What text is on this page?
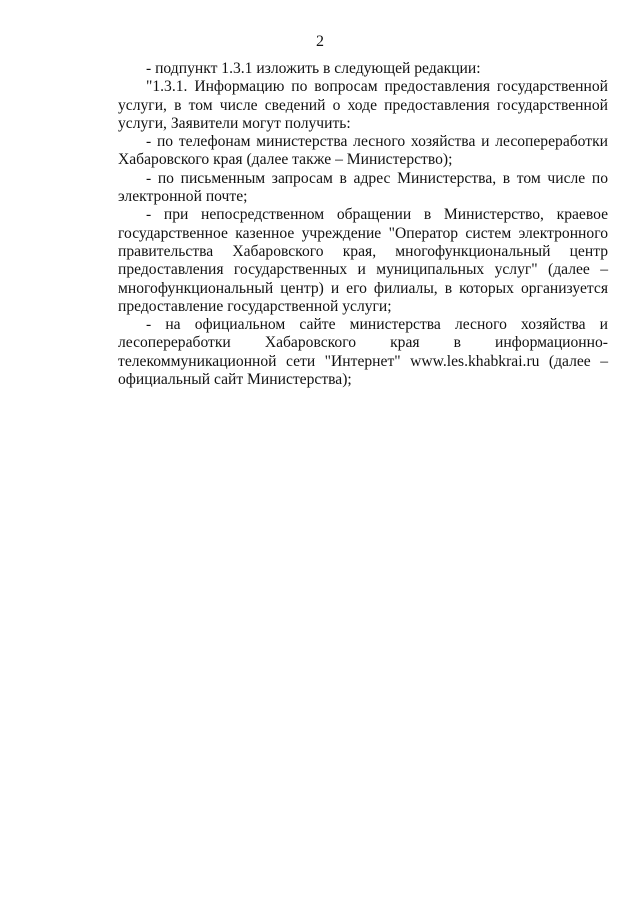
2

- подпункт 1.3.1 изложить в следующей редакции:

"1.3.1. Информацию по вопросам предоставления государственной услуги, в том числе сведений о ходе предоставления государственной услуги, Заявители могут получить:

- по телефонам министерства лесного хозяйства и лесопереработки Хабаровского края (далее также – Министерство);

- по письменным запросам в адрес Министерства, в том числе по электронной почте;

- при непосредственном обращении в Министерство, краевое государственное казенное учреждение "Оператор систем электронного правительства Хабаровского края, многофункциональный центр предоставления государственных и муниципальных услуг" (далее – многофункциональный центр) и его филиалы, в которых организуется предоставление государственной услуги;

- на официальном сайте министерства лесного хозяйства и лесопереработки Хабаровского края в информационно-телекоммуникационной сети "Интернет" www.les.khabkrai.ru (далее – официальный сайт Министерства);
